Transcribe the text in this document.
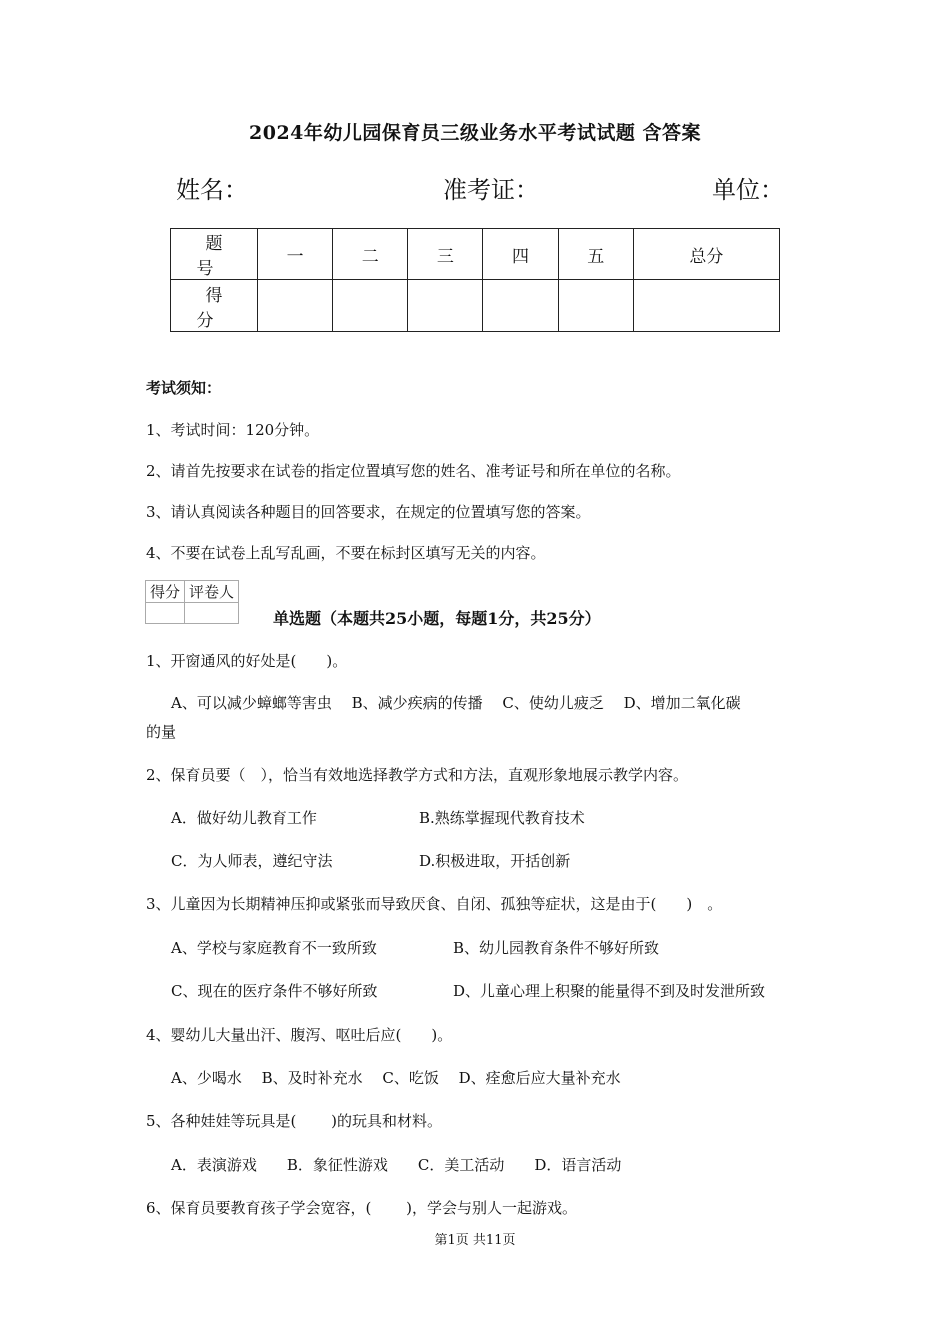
2024年幼儿园保育员三级业务水平考试试题 含答案
姓名：	准考证：	单位：
题 号	一	二	三	四	五	总分
得 分						
考试须知：
1、考试时间：120分钟。
2、请首先按要求在试卷的指定位置填写您的姓名、准考证号和所在单位的名称。
3、请认真阅读各种题目的回答要求，在规定的位置填写您的答案。
4、不要在试卷上乱写乱画，不要在标封区填写无关的内容。
得分	评卷人

单选题（本题共25小题，每题1分，共25分）
1、开窗通风的好处是(　　)。
A、可以减少蟑螂等害虫　 B、减少疾病的传播　 C、使幼儿疲乏　 D、增加二氧化碳
的量
2、保育员要（　），恰当有效地选择教学方式和方法，直观形象地展示教学内容。
A．做好幼儿教育工作	B.熟练掌握现代教育技术
C．为人师表，遵纪守法	D.积极进取，开括创新
3、儿童因为长期精神压抑或紧张而导致厌食、自闭、孤独等症状，这是由于(　　)　。
A、学校与家庭教育不一致所致	B、幼儿园教育条件不够好所致
C、现在的医疗条件不够好所致	D、儿童心理上积聚的能量得不到及时发泄所致
4、婴幼儿大量出汗、腹泻、呕吐后应(　　)。
A、少喝水　 B、及时补充水　 C、吃饭　 D、痊愈后应大量补充水
5、各种娃娃等玩具是(　　 )的玩具和材料。
A．表演游戏　　B．象征性游戏　　C．美工活动　　D．语言活动
6、保育员要教育孩子学会宽容，(　　 )，学会与别人一起游戏。
第1页 共11页
